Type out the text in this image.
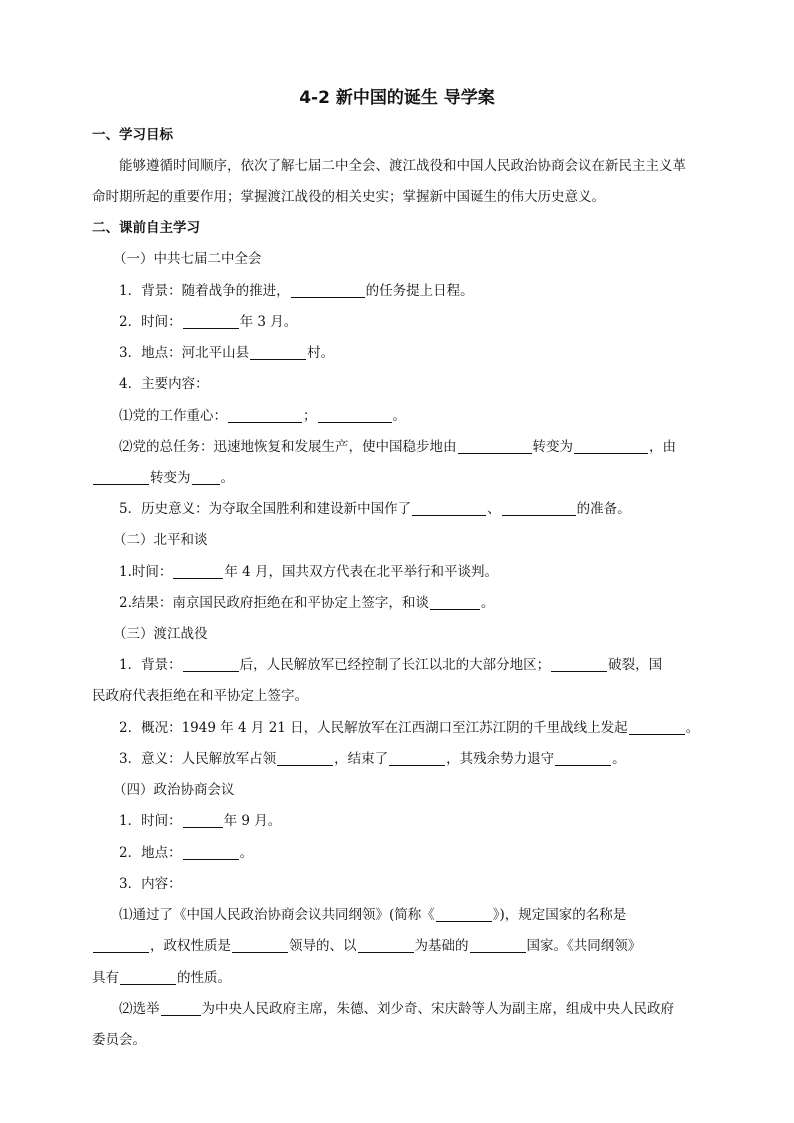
4-2 新中国的诞生 导学案
一、学习目标
能够遵循时间顺序，依次了解七届二中全会、渡江战役和中国人民政治协商会议在新民主主义革
命时期所起的重要作用；掌握渡江战役的相关史实；掌握新中国诞生的伟大历史意义。
二、课前自主学习
（一）中共七届二中全会
1．背景：随着战争的推进，	的任务提上日程。
2．时间：	年 3 月。
3．地点：河北平山县	村。
4．主要内容：
⑴党的工作重心：	；	。
⑵党的总任务：迅速地恢复和发展生产，使中国稳步地由	转变为	，由
转变为 。
5．历史意义：为夺取全国胜利和建设新中国作了	、	的准备。
（二）北平和谈
1.时间：	年 4 月，国共双方代表在北平举行和平谈判。
2.结果：南京国民政府拒绝在和平协定上签字，和谈	。
（三）渡江战役
1．背景：	后，人民解放军已经控制了长江以北的大部分地区；	破裂，国
民政府代表拒绝在和平协定上签字。
2．概况：1949 年 4 月 21 日，人民解放军在江西湖口至江苏江阴的千里战线上发起	。
3．意义：人民解放军占领	，结束了	，其残余势力退守	。
（四）政治协商会议
1．时间：	年 9 月。
2．地点：	。
3．内容：
⑴通过了《中国人民政治协商会议共同纲领》(简称《	》)，规定国家的名称是
，政权性质是	领导的、以	为基础的	国家。《共同纲领》
具有	的性质。
⑵选举	为中央人民政府主席，朱德、刘少奇、宋庆龄等人为副主席，组成中央人民政府
委员会。
